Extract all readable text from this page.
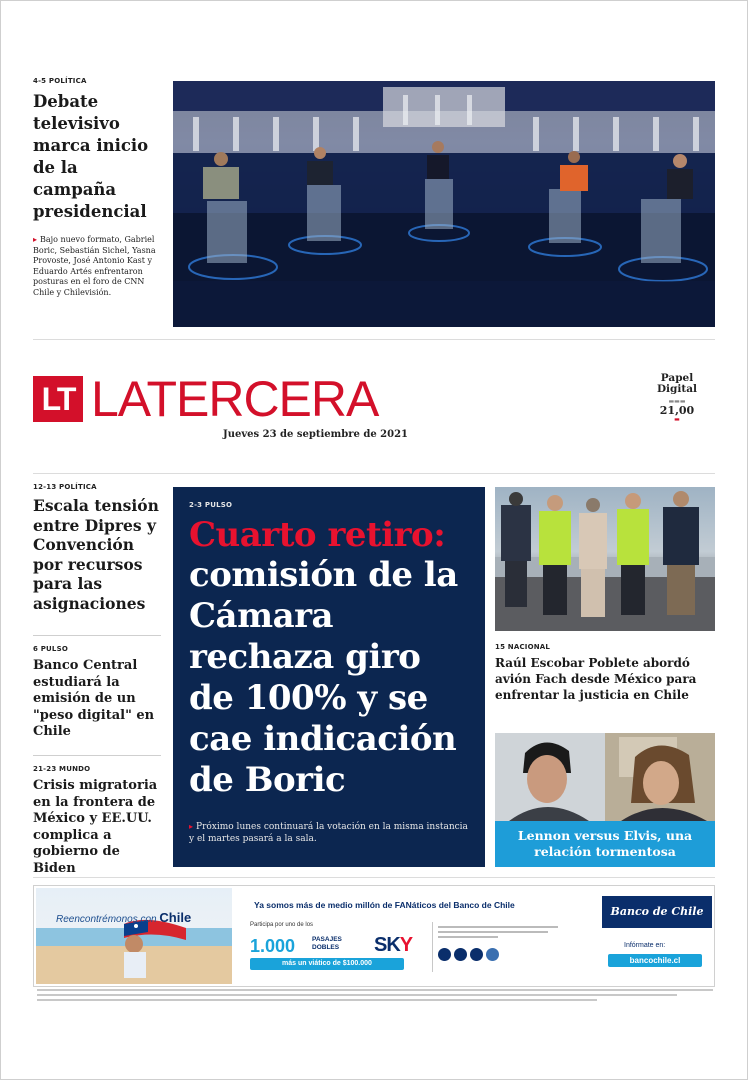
4-5 POLÍTICA
Debate televisivo marca inicio de la campaña presidencial
▸ Bajo nuevo formato, Gabriel Boric, Sebastián Sichel, Yasna Provoste, José Antonio Kast y Eduardo Artés enfrentaron posturas en el foro de CNN Chile y Chilevisión.
LT LATERCERA
Jueves 23 de septiembre de 2021
Papel Digital
▬▬▬
21,00
▬
12-13 POLÍTICA
Escala tensión entre Dipres y Convención por recursos para las asignaciones
6 PULSO
Banco Central estudiará la emisión de un "peso digital" en Chile
21-23 MUNDO
Crisis migratoria en la frontera de México y EE.UU. complica a gobierno de Biden
2-3 PULSO
Cuarto retiro:
comisión de la Cámara rechaza giro de 100% y se cae indicación de Boric
▸ Próximo lunes continuará la votación en la misma instancia y el martes pasará a la sala.
15 NACIONAL
Raúl Escobar Poblete abordó avión Fach desde México para enfrentar la justicia en Chile
Lennon versus Elvis, una relación tormentosa
Reencontrémonos con Chile
Ya somos más de medio millón de FANáticos del Banco de Chile
Participa por uno de los
1.000	PASAJES DOBLES	SKY
más un viático de $100.000
Banco de Chile
Infórmate en:
bancochile.cl
